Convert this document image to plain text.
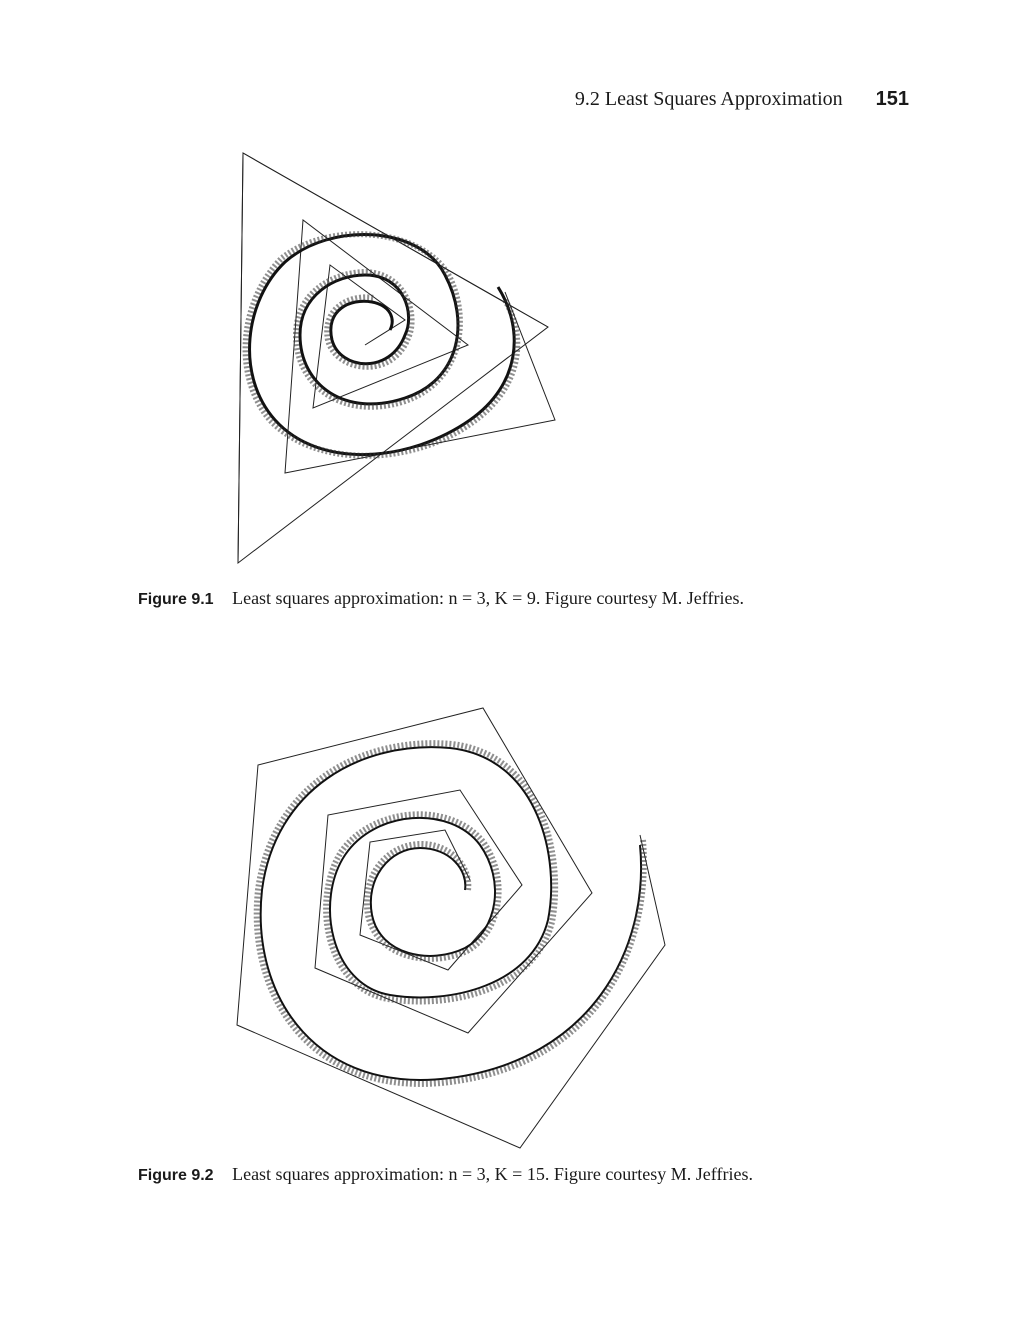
9.2 Least Squares Approximation 151
Figure 9.1 Least squares approximation: n = 3, K = 9. Figure courtesy M. Jeffries.
Figure 9.2 Least squares approximation: n = 3, K = 15. Figure courtesy M. Jeffries.
